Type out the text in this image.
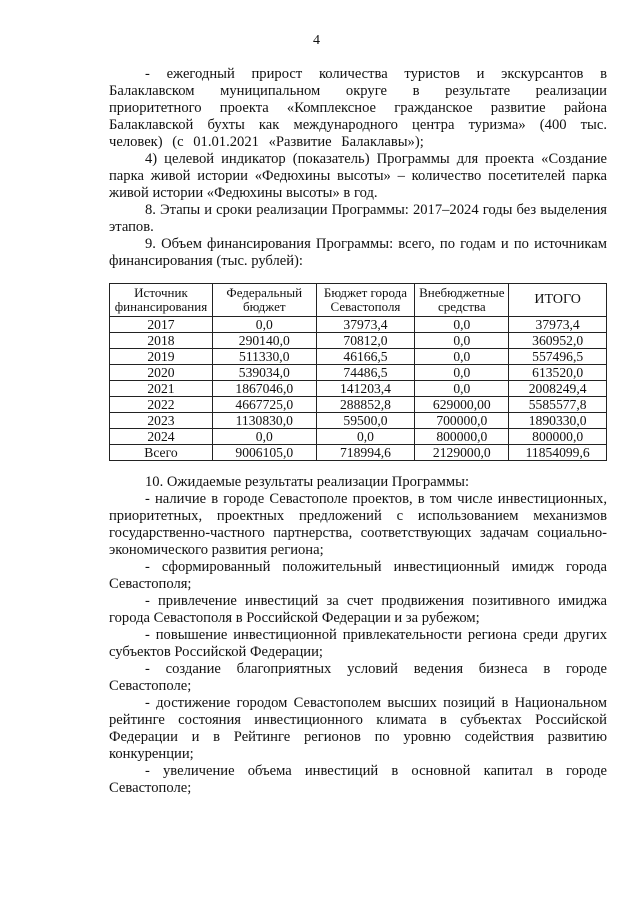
4

- ежегодный прирост количества туристов и экскурсантов в Балаклавском муниципальном округе в результате реализации приоритетного проекта «Комплексное гражданское развитие района Балаклавской бухты как международного центра туризма» (400 тыс. человек) (с 01.01.2021 «Развитие Балаклавы»);

4) целевой индикатор (показатель) Программы для проекта «Создание парка живой истории «Федюхины высоты» – количество посетителей парка живой истории «Федюхины высоты» в год.

8. Этапы и сроки реализации Программы: 2017–2024 годы без выделения этапов.

9. Объем финансирования Программы: всего, по годам и по источникам финансирования (тыс. рублей):

Источник финансирования	Федеральный бюджет	Бюджет города Севастополя	Внебюджетные средства	ИТОГО
2017	0,0	37973,4	0,0	37973,4
2018	290140,0	70812,0	0,0	360952,0
2019	511330,0	46166,5	0,0	557496,5
2020	539034,0	74486,5	0,0	613520,0
2021	1867046,0	141203,4	0,0	2008249,4
2022	4667725,0	288852,8	629000,00	5585577,8
2023	1130830,0	59500,0	700000,0	1890330,0
2024	0,0	0,0	800000,0	800000,0
Всего	9006105,0	718994,6	2129000,0	11854099,6

10. Ожидаемые результаты реализации Программы:

- наличие в городе Севастополе проектов, в том числе инвестиционных, приоритетных, проектных предложений с использованием механизмов государственно-частного партнерства, соответствующих задачам социально-экономического развития региона;

- сформированный положительный инвестиционный имидж города Севастополя;

- привлечение инвестиций за счет продвижения позитивного имиджа города Севастополя в Российской Федерации и за рубежом;

- повышение инвестиционной привлекательности региона среди других субъектов Российской Федерации;

- создание благоприятных условий ведения бизнеса в городе Севастополе;

- достижение городом Севастополем высших позиций в Национальном рейтинге состояния инвестиционного климата в субъектах Российской Федерации и в Рейтинге регионов по уровню содействия развитию конкуренции;

- увеличение объема инвестиций в основной капитал в городе Севастополе;
